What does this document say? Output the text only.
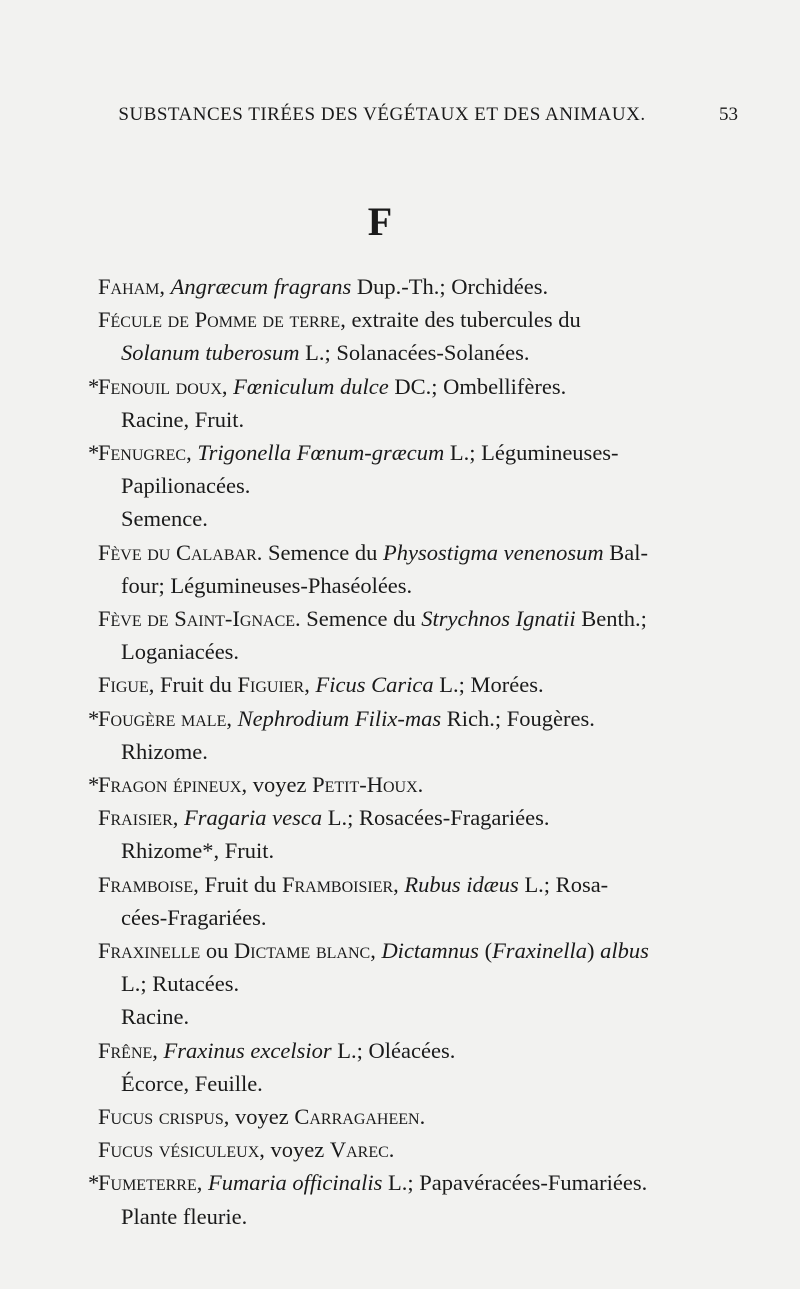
SUBSTANCES TIRÉES DES VÉGÉTAUX ET DES ANIMAUX.	53
F
Faham, Angræcum fragrans Dup.-Th.; Orchidées.
Fécule de Pomme de terre, extraite des tubercules du
Solanum tuberosum L.; Solanacées-Solanées.
*
Fenouil doux, Fœniculum dulce DC.; Ombellifères.
Racine, Fruit.
*
Fenugrec, Trigonella Fœnum-græcum L.; Légumineuses-
Papilionacées.
Semence.
Fève du Calabar. Semence du Physostigma venenosum Bal-
four; Légumineuses-Phaséolées.
Fève de Saint-Ignace. Semence du Strychnos Ignatii Benth.;
Loganiacées.
Figue, Fruit du Figuier, Ficus Carica L.; Morées.
*
Fougère male, Nephrodium Filix-mas Rich.; Fougères.
Rhizome.
*
Fragon épineux, voyez Petit-Houx.
Fraisier, Fragaria vesca L.; Rosacées-Fragariées.
Rhizome*, Fruit.
Framboise, Fruit du Framboisier, Rubus idæus L.; Rosa-
cées-Fragariées.
Fraxinelle ou Dictame blanc, Dictamnus (Fraxinella) albus
L.; Rutacées.
Racine.
Frêne, Fraxinus excelsior L.; Oléacées.
Écorce, Feuille.
Fucus crispus, voyez Carragaheen.
Fucus vésiculeux, voyez Varec.
*
Fumeterre, Fumaria officinalis L.; Papavéracées-Fumariées.
Plante fleurie.
